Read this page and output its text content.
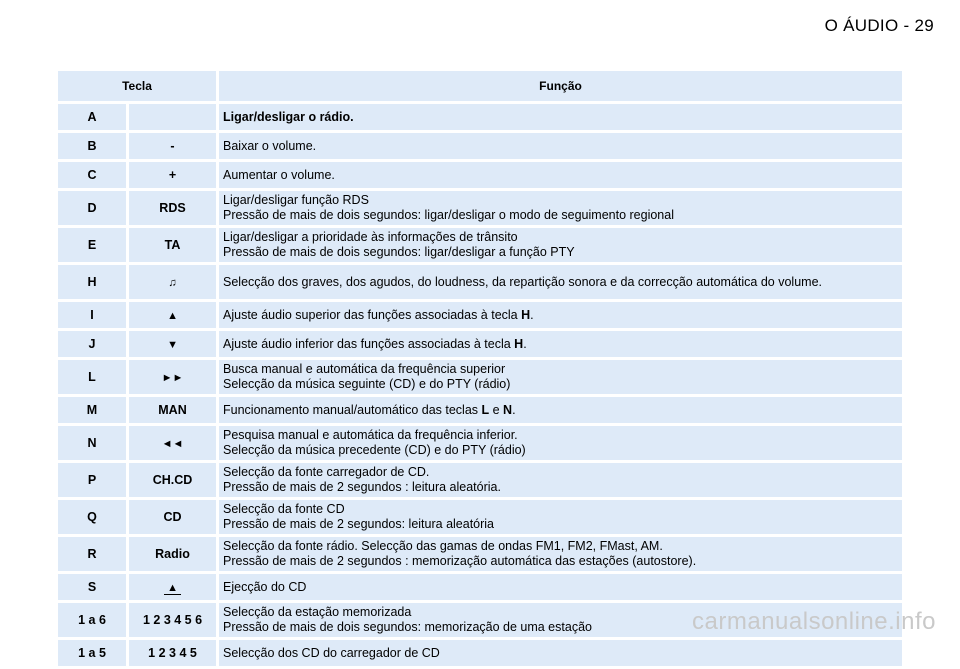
O ÁUDIO - 29
Tecla		Função
A		Ligar/desligar o rádio.
B	-	Baixar o volume.
C	+	Aumentar o volume.
D	RDS	Ligar/desligar função RDS
Pressão de mais de dois segundos: ligar/desligar o modo de seguimento regional

E	TA	Ligar/desligar a prioridade às informações de trânsito
Pressão de mais de dois segundos: ligar/desligar a função PTY

H	♫	Selecção dos graves, dos agudos, do loudness, da repartição sonora e da correcção automática do volume.
I	▲	Ajuste áudio superior das funções associadas à tecla H.
J	▼	Ajuste áudio inferior das funções associadas à tecla H.
L	►►	Busca manual e automática da frequência superior
Selecção da música seguinte (CD) e do PTY (rádio)

M	MAN	Funcionamento manual/automático das teclas L e N.
N	◄◄	Pesquisa manual e automática da frequência inferior.
Selecção da música precedente (CD) e do PTY (rádio)

P	CH.CD	Selecção da fonte carregador de CD.
Pressão de mais de 2 segundos : leitura aleatória.

Q	CD	Selecção da fonte CD
Pressão de mais de 2 segundos: leitura aleatória

R	Radio	Selecção da fonte rádio. Selecção das gamas de ondas FM1, FM2, FMast, AM.
Pressão de mais de 2 segundos : memorização automática das estações (autostore).

S	▲	Ejecção do CD
1 a 6	1 2 3 4 5 6	Selecção da estação memorizada
Pressão de mais de dois segundos: memorização de uma estação

1 a 5	1 2 3 4 5	Selecção dos CD do carregador de CD
carmanualsonline.info
